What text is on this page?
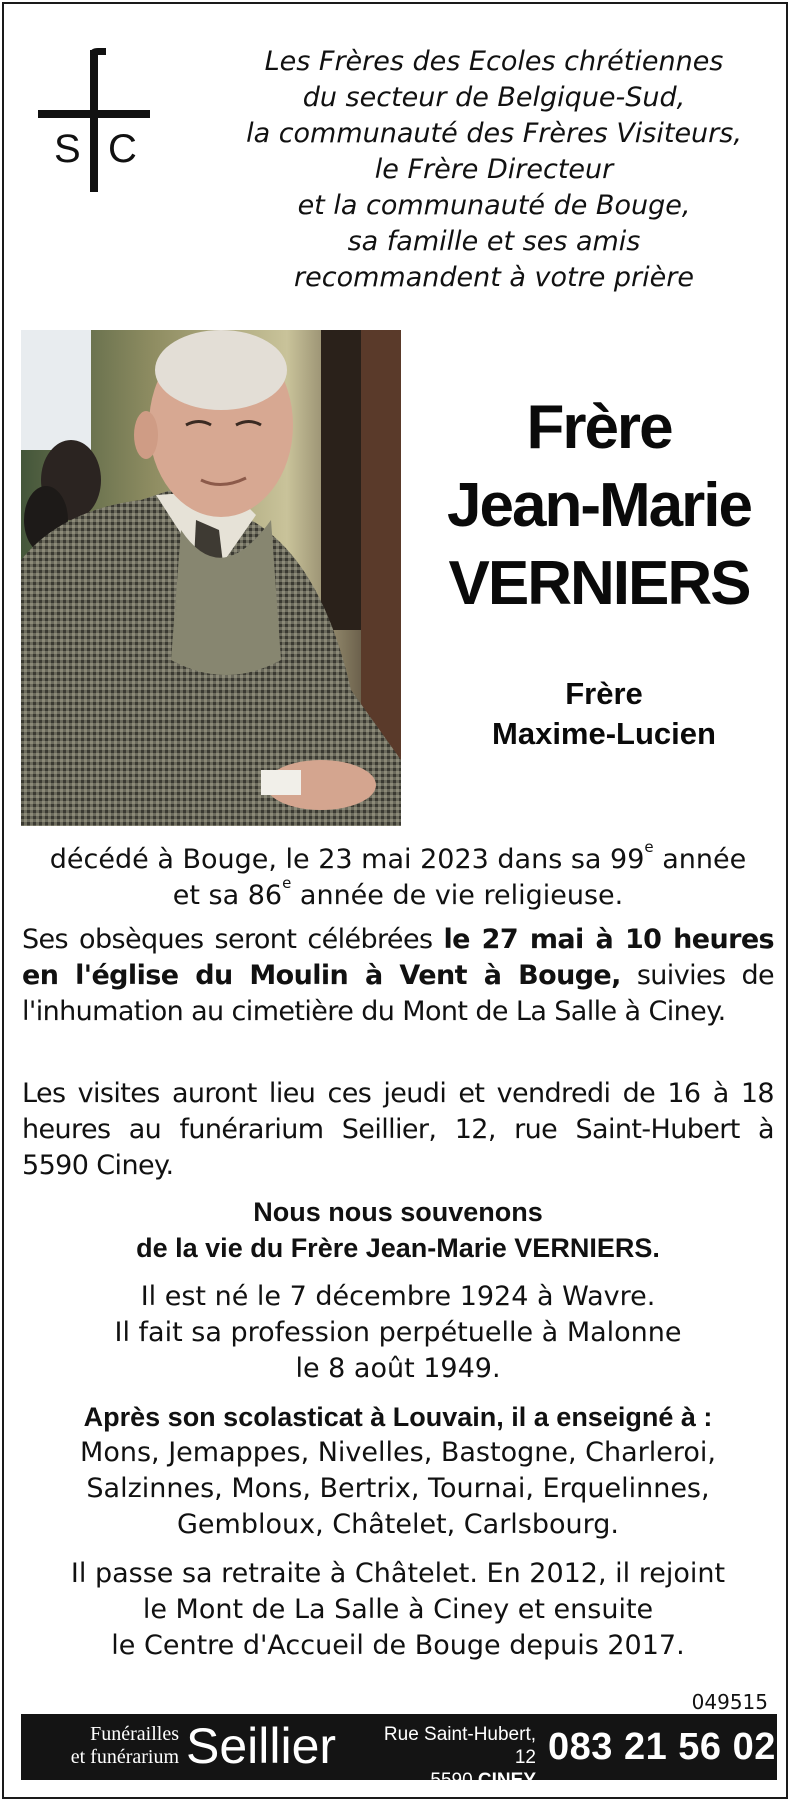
S C
Les Frères des Ecoles chrétiennes
du secteur de Belgique-Sud,
la communauté des Frères Visiteurs,
le Frère Directeur
et la communauté de Bouge,
sa famille et ses amis
recommandent à votre prière
Frère
Jean-Marie
VERNIERS
Frère
Maxime-Lucien
décédé à Bouge, le 23 mai 2023 dans sa 99e année
et sa 86e année de vie religieuse.
Ses obsèques seront célébrées le 27 mai à 10 heures en l'église du Moulin à Vent à Bouge, suivies de l'inhumation au cimetière du Mont de La Salle à Ciney.
Les visites auront lieu ces jeudi et vendredi de 16 à 18 heures au funérarium Seillier, 12, rue Saint-Hubert à 5590 Ciney.
Nous nous souvenons
de la vie du Frère Jean-Marie VERNIERS.
Il est né le 7 décembre 1924 à Wavre.
Il fait sa profession perpétuelle à Malonne
le 8 août 1949.
Après son scolasticat à Louvain, il a enseigné à :
Mons, Jemappes, Nivelles, Bastogne, Charleroi,
Salzinnes, Mons, Bertrix, Tournai, Erquelinnes,
Gembloux, Châtelet, Carlsbourg.
Il passe sa retraite à Châtelet. En 2012, il rejoint
le Mont de La Salle à Ciney et ensuite
le Centre d'Accueil de Bouge depuis 2017.
049515
Funérailles
et funérarium Seillier	Rue Saint-Hubert, 12
5590 CINEY
083 21 56 02
